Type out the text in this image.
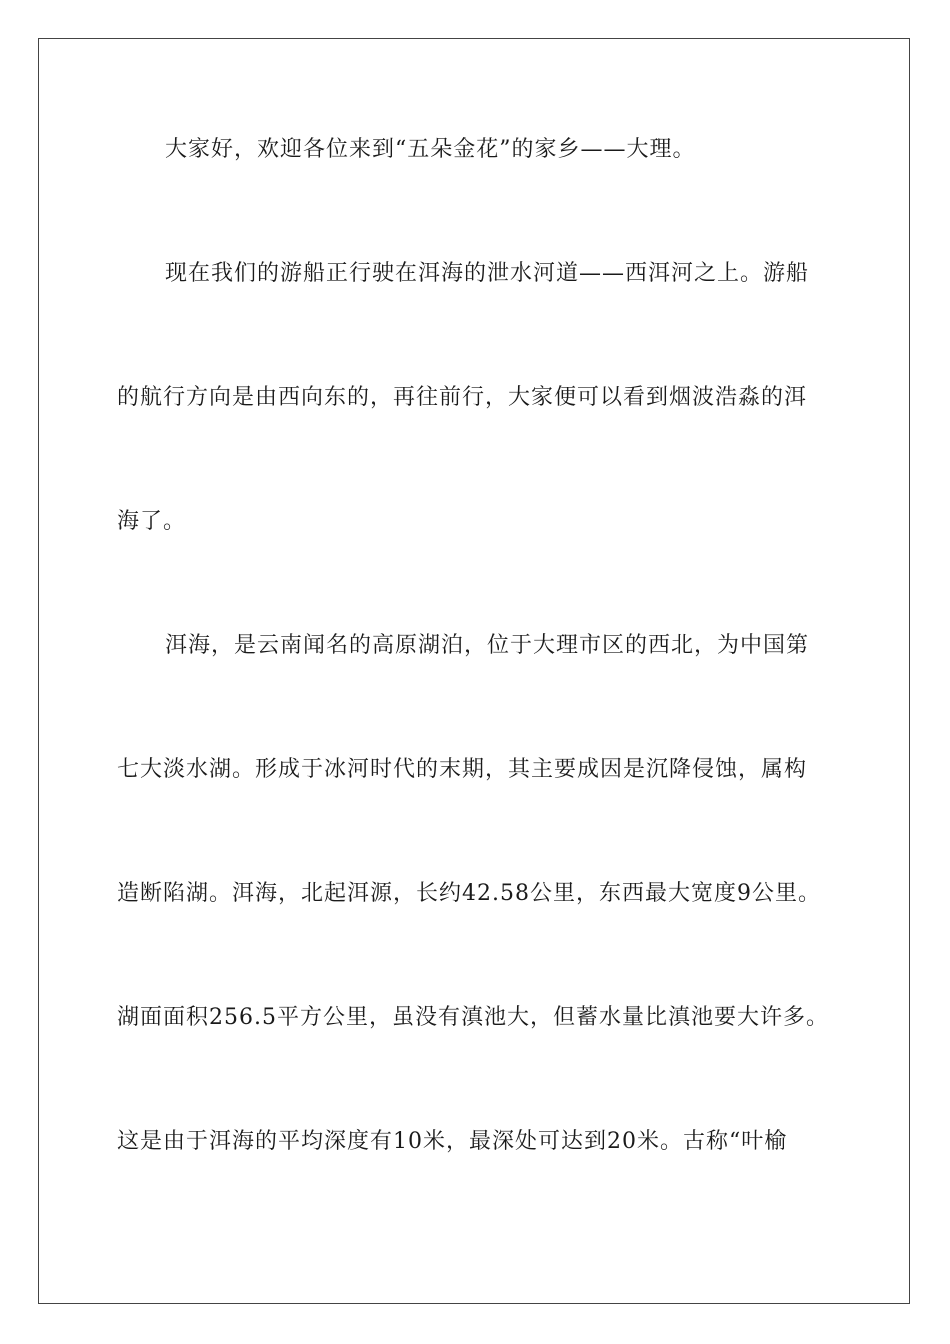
大家好，欢迎各位来到“五朵金花”的家乡——大理。
现在我们的游船正行驶在洱海的泄水河道——西洱河之上。游船
的航行方向是由西向东的，再往前行，大家便可以看到烟波浩淼的洱
海了。
洱海，是云南闻名的高原湖泊，位于大理市区的西北，为中国第
七大淡水湖。形成于冰河时代的末期，其主要成因是沉降侵蚀，属构
造断陷湖。洱海，北起洱源，长约42.58公里，东西最大宽度9公里。
湖面面积256.5平方公里，虽没有滇池大，但蓄水量比滇池要大许多。
这是由于洱海的平均深度有10米，最深处可达到20米。古称“叶榆
